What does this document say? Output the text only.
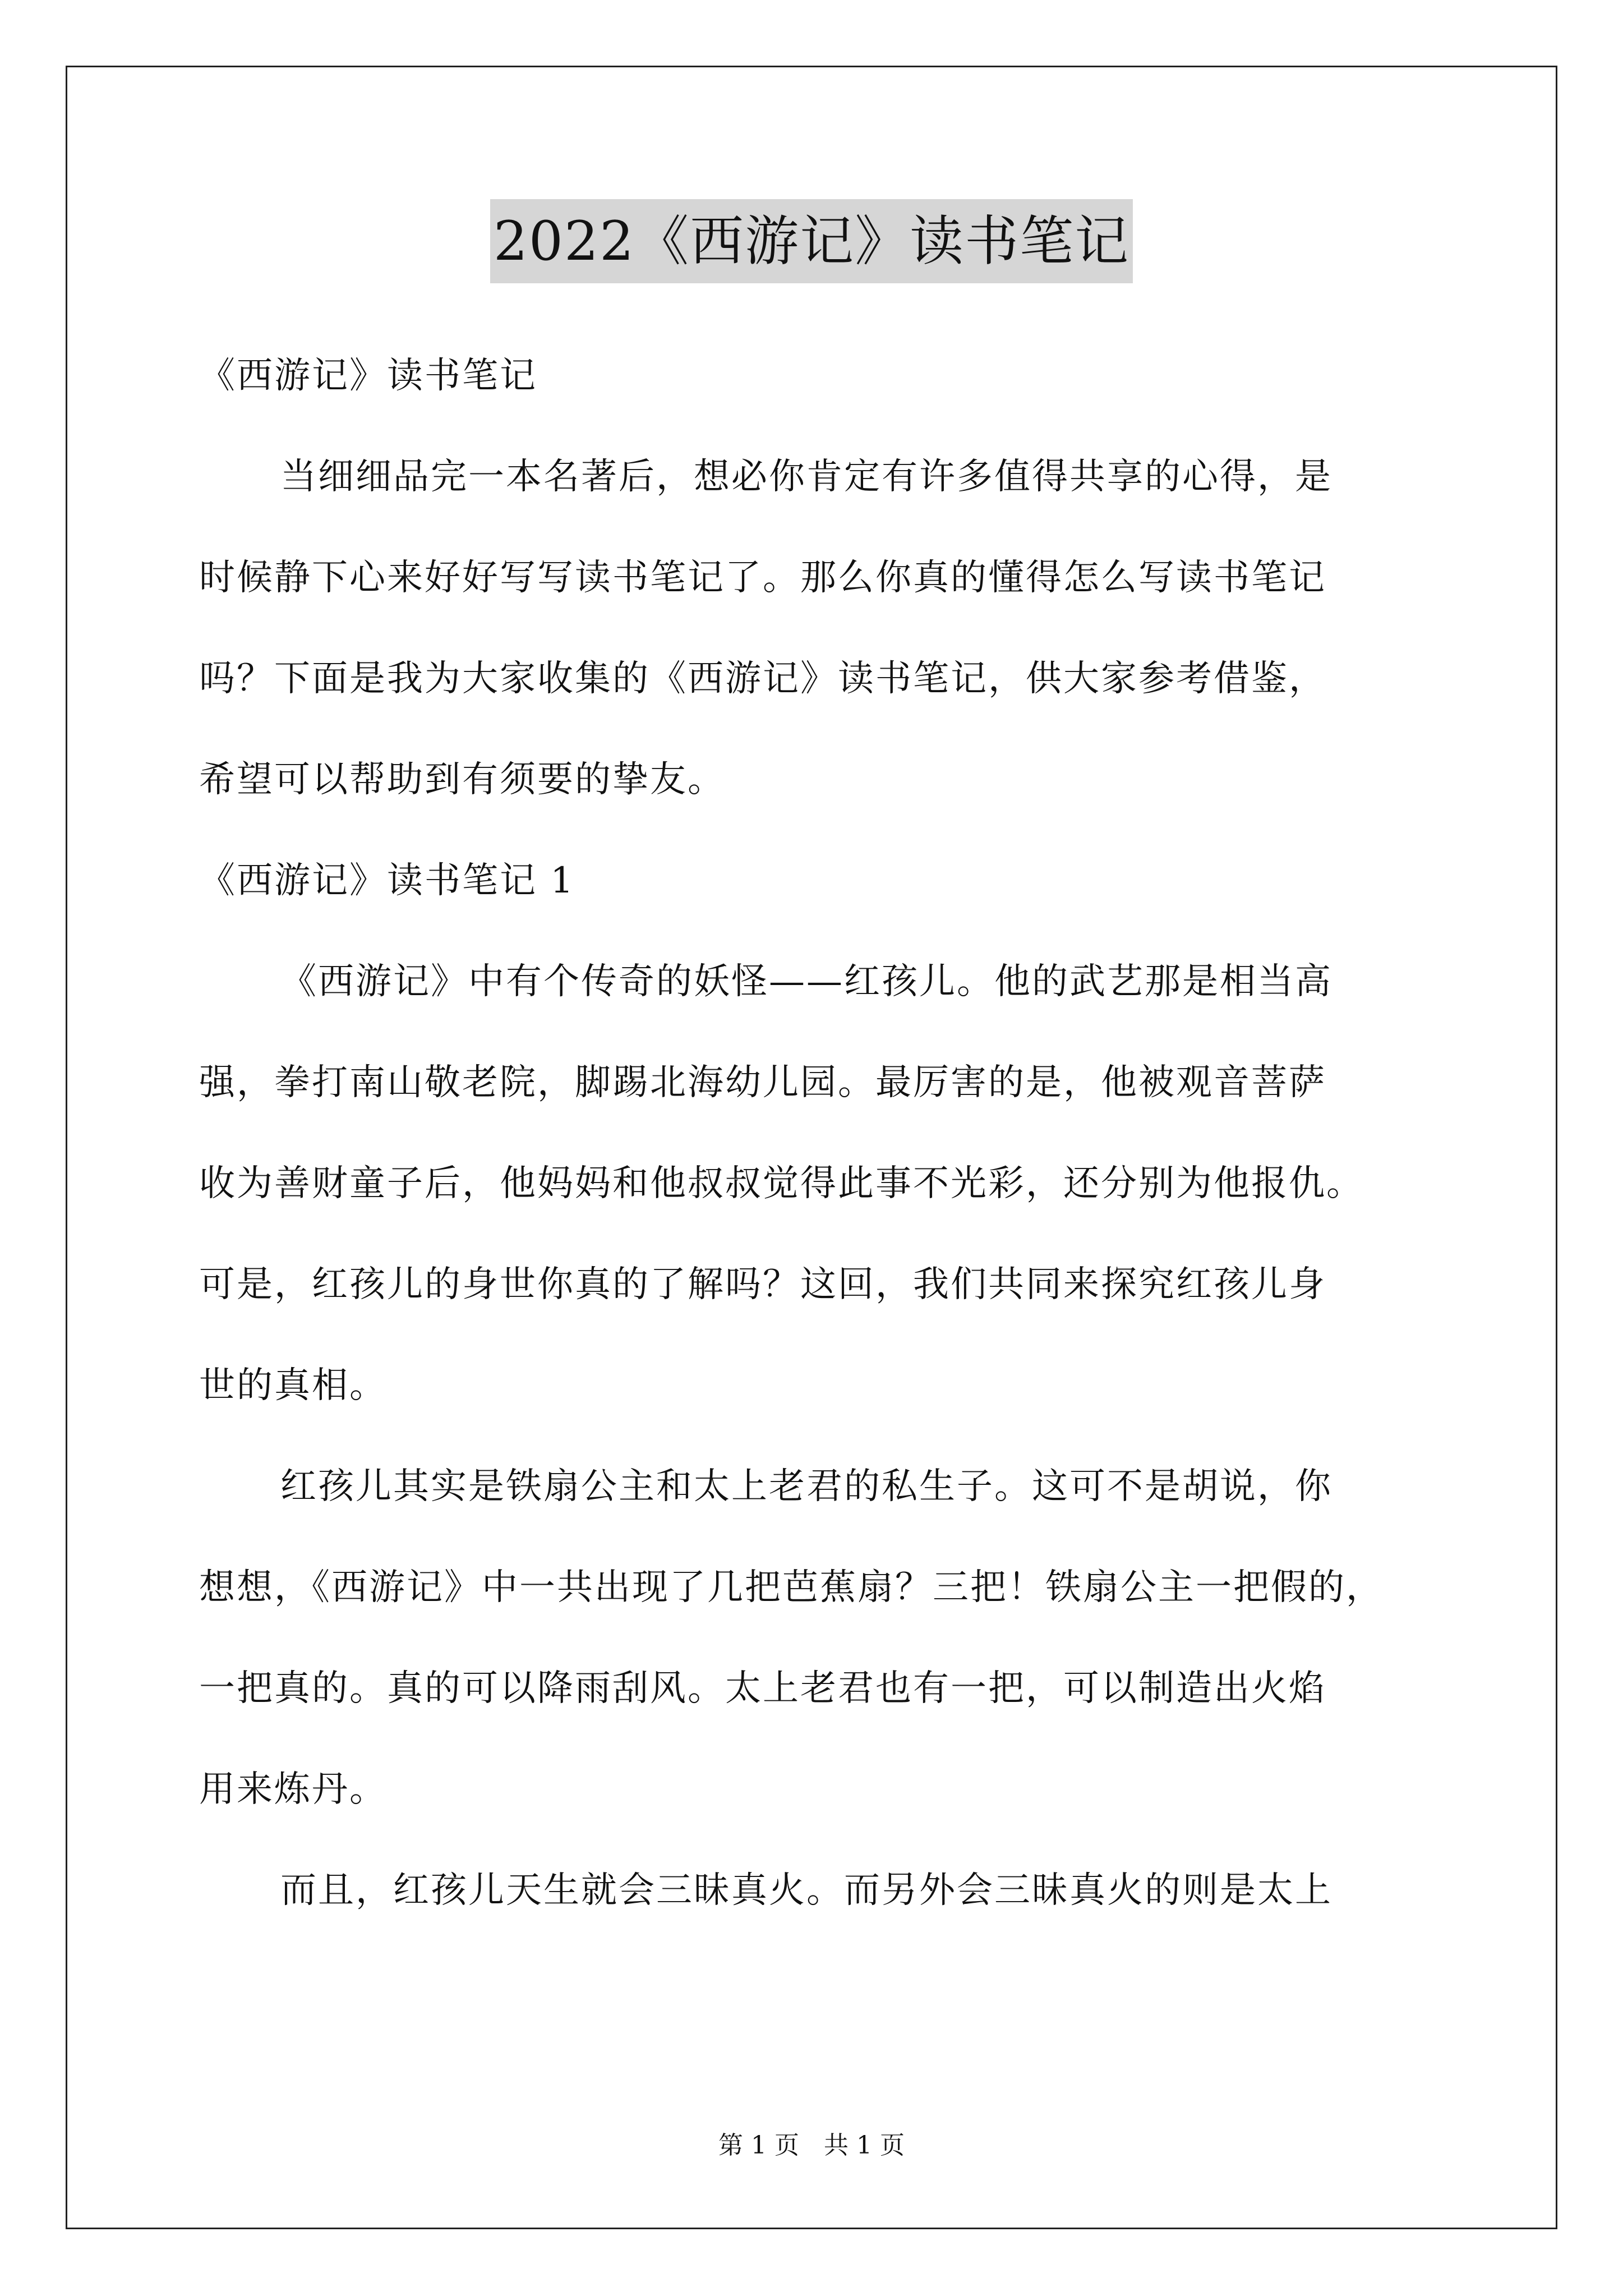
2022《西游记》读书笔记

《西游记》读书笔记

当细细品完一本名著后，想必你肯定有许多值得共享的心得，是

时候静下心来好好写写读书笔记了。那么你真的懂得怎么写读书笔记

吗？下面是我为大家收集的《西游记》读书笔记，供大家参考借鉴，

希望可以帮助到有须要的挚友。

《西游记》读书笔记 1

《西游记》中有个传奇的妖怪——红孩儿。他的武艺那是相当高

强，拳打南山敬老院，脚踢北海幼儿园。最厉害的是，他被观音菩萨

收为善财童子后，他妈妈和他叔叔觉得此事不光彩，还分别为他报仇。

可是，红孩儿的身世你真的了解吗？这回，我们共同来探究红孩儿身

世的真相。

红孩儿其实是铁扇公主和太上老君的私生子。这可不是胡说，你

想想，《西游记》中一共出现了几把芭蕉扇？三把！铁扇公主一把假的，

一把真的。真的可以降雨刮风。太上老君也有一把，可以制造出火焰

用来炼丹。

而且，红孩儿天生就会三昧真火。而另外会三昧真火的则是太上

第 1 页　共 1 页
